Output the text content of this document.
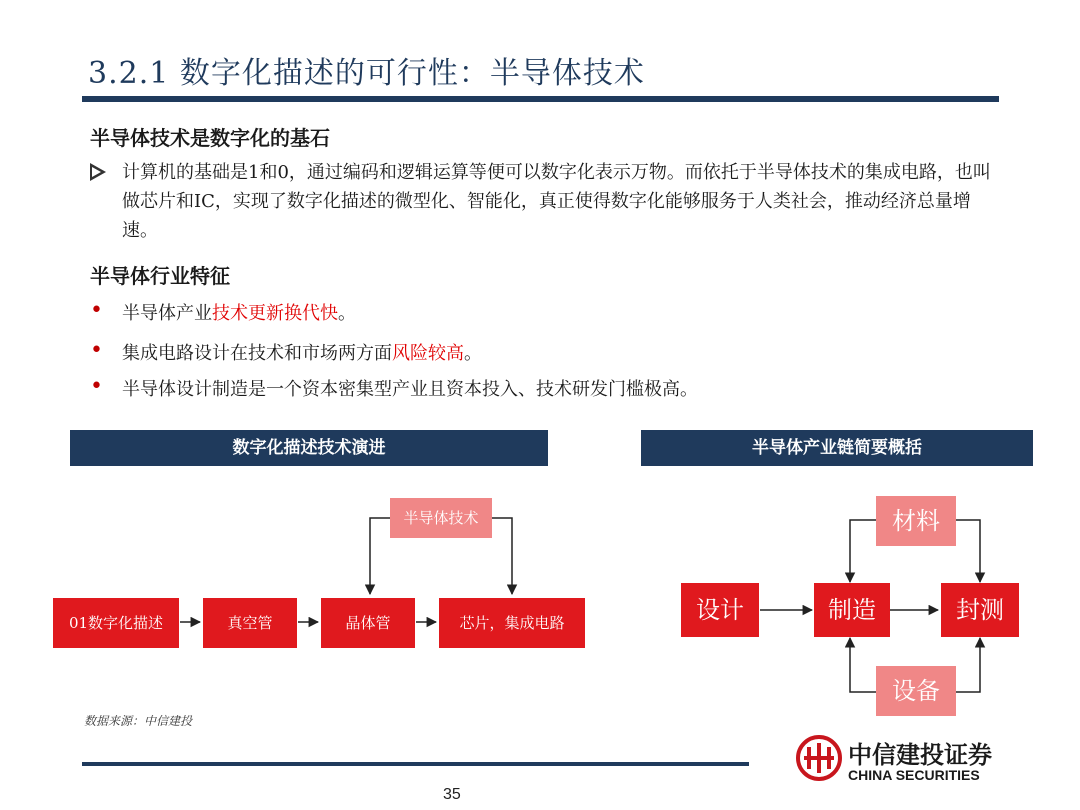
3.2.1 数字化描述的可行性：半导体技术
半导体技术是数字化的基石
计算机的基础是1和0，通过编码和逻辑运算等便可以数字化表示万物。而依托于半导体技术的集成电路，也叫做芯片和IC，实现了数字化描述的微型化、智能化，真正使得数字化能够服务于人类社会，推动经济总量增速。
半导体行业特征
• 半导体产业技术更新换代快。
• 集成电路设计在技术和市场两方面风险较高。
• 半导体设计制造是一个资本密集型产业且资本投入、技术研发门槛极高。
数字化描述技术演进	半导体产业链简要概括
半导体技术
01数字化描述	真空管	晶体管	芯片，集成电路
材料
设计	制造	封测
设备
数据来源：中信建投
35
中信建投证券
CHINA SECURITIES
